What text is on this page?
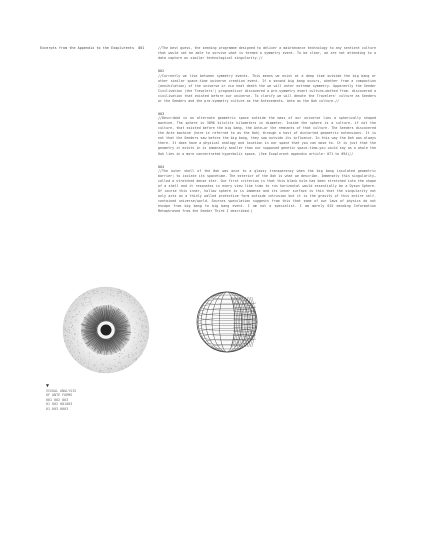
Excerpts from the Appendix to the Exoplurents 001	//The best guess, the seeding programme designed to deliver a maintenance technology to any sentient culture that would not be able to survive what is termed a symmetry event. To be clear, we are not attending to a data capture on similar technological singularity.//
002
//Currently we live between symmetry events. This means we exist at a deep time outside the big bang or other similar space-time universe creation event. If a second big bang occurs, whether from a compaction (annihilation) of the universe or via heat death the we will enter extreme symmetry. Apparently the Seeder Civilisation (the Travelers') prognosticor discovered a pre-symmetry event culture—dotted from. discovered a civilisation that existed before our universe. To clarify we will denote the Travelers' culture as Seeders or the Seeders and the pre-symmetry culture as the Antecedents. Ante as the 0oh culture.//
003
//Described in an alternate geometric space outside the mass of our universe lies a spherically shaped machine. The sphere is 3896 kilolits kilometers in diameter. Inside the sphere is a culture, if not the culture, that existed before the big bang, the Ante—or the remnants of that culture. The Seeders discovered the Ante machine (here is referred to as the 0oh) through a host of distorted geometric extensions. It is not that the Seeders saw before the big bang, they saw outside its influence. In this way the 0oh was always there. It does have a physical analogy and location in our space that you can move to. It is just that the geometry it exists in is immensely smaller than our supposed genetic space-time—you could say as a whole the 0oh lies in a more concentrated hyperbolic space. (See Exoplurent appendix article: 071 to 094)//
004
//The outer shell of the 0oh was once to a glassy transparency when the big bang insulated geometric barrier; to isolate its spacetime. The exterior of the 0oh is what we describe. Immensely thin singularity—called a stretched dense star. Our first criterion is that this black hole has been stretched into the shape of a shell and it resonates in every view like time to run horizontal would essentially be a Dyson Sphere. Of course this inner, hollow sphere is is immense and its inner surface is thin that the singularity not only acts as a thinly walled protective form outside intrusion but it is the gravity of this entire self-contained universe/world. Sources speculation suggests from this that some of our laws of physics do not escape from big bang to big bang event. I am not a specialist. I am merely 015 mending Information Metaphrased from the Seeder Third I described.)
▼
VISUAL ANALYSIS
OF ANTE FORMS
001 002 003
01 002 001003
01 003 0003
